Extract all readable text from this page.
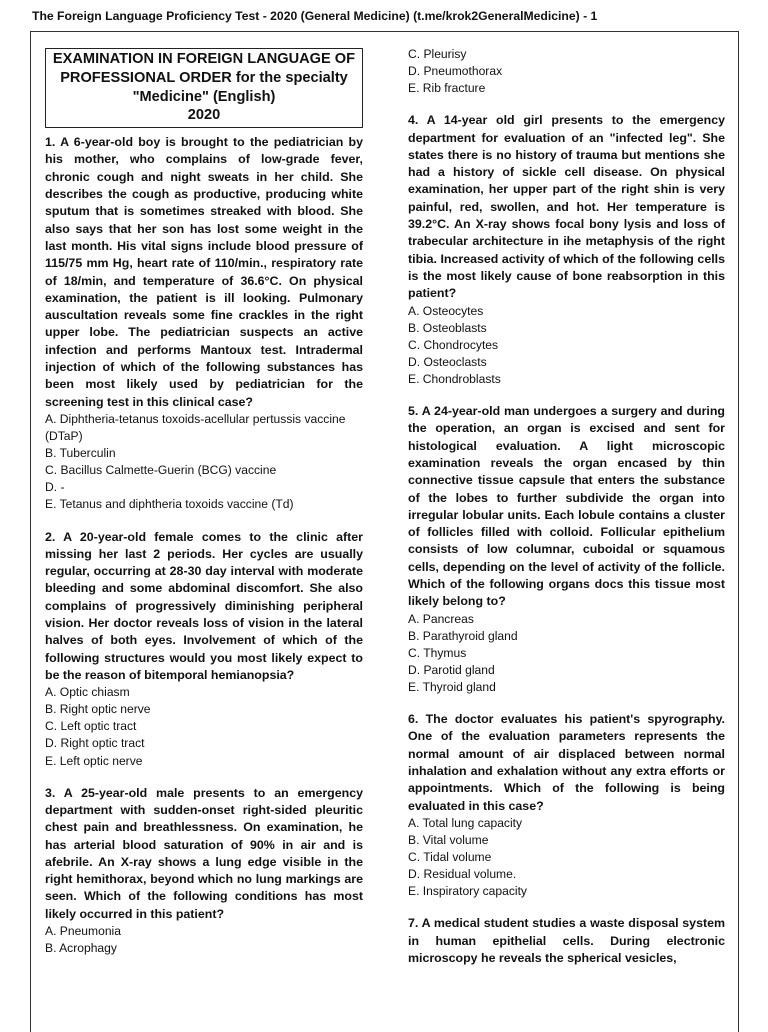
The Foreign Language Proficiency Test - 2020 (General Medicine) (t.me/krok2GeneralMedicine) - 1
EXAMINATION IN FOREIGN LANGUAGE OF
PROFESSIONAL ORDER for the specialty
"Medicine" (English)
2020

1. A 6-year-old boy is brought to the pediatrician by his mother, who complains of low-grade fever, chronic cough and night sweats in her child. She describes the cough as productive, producing white sputum that is sometimes streaked with blood. She also says that her son has lost some weight in the last month. His vital signs include blood pressure of 115/75 mm Hg, heart rate of 110/min., respiratory rate of 18/min, and temperature of 36.6°C. On physical examination, the patient is ill looking. Pulmonary auscultation reveals some fine crackles in the right upper lobe. The pediatrician suspects an active infection and performs Mantoux test. Intradermal injection of which of the following substances has been most likely used by pediatrician for the screening test in this clinical case?

A. Diphtheria-tetanus toxoids-acellular pertussis vaccine (DTaP)

B. Tuberculin

C. Bacillus Calmette-Guerin (BCG) vaccine

D. -

E. Tetanus and diphtheria toxoids vaccine (Td)

2. A 20-year-old female comes to the clinic after missing her last 2 periods. Her cycles are usually regular, occurring at 28-30 day interval with moderate bleeding and some abdominal discomfort. She also complains of progressively diminishing peripheral vision. Her doctor reveals loss of vision in the lateral halves of both eyes. Involvement of which of the following structures would you most likely expect to be the reason of bitemporal hemianopsia?

A. Optic chiasm

B. Right optic nerve

C. Left optic tract

D. Right optic tract

E. Left optic nerve

3. A 25-year-old male presents to an emergency department with sudden-onset right-sided pleuritic chest pain and breathlessness. On examination, he has arterial blood saturation of 90% in air and is afebrile. An X-ray shows a lung edge visible in the right hemithorax, beyond which no lung markings are seen. Which of the following conditions has most likely occurred in this patient?

A. Pneumonia

B. Acrophagy

C. Pleurisy

D. Pneumothorax

E. Rib fracture

4. A 14-year old girl presents to the emergency department for evaluation of an "infected leg". She states there is no history of trauma but mentions she had a history of sickle cell disease. On physical examination, her upper part of the right shin is very painful, red, swollen, and hot. Her temperature is 39.2°C. An X-ray shows focal bony lysis and loss of trabecular architecture in ihe metaphysis of the right tibia. Increased activity of which of the following cells is the most likely cause of bone reabsorption in this patient?

A. Osteocytes

B. Osteoblasts

C. Chondrocytes

D. Osteoclasts

E. Chondroblasts

5. A 24-year-old man undergoes a surgery and during the operation, an organ is excised and sent for histological evaluation. A light microscopic examination reveals the organ encased by thin connective tissue capsule that enters the substance of the lobes to further subdivide the organ into irregular lobular units. Each lobule contains a cluster of follicles filled with colloid. Follicular epithelium consists of low columnar, cuboidal or squamous cells, depending on the level of activity of the follicle. Which of the following organs docs this tissue most likely belong to?

A. Pancreas

B. Parathyroid gland

C. Thymus

D. Parotid gland

E. Thyroid gland

6. The doctor evaluates his patient's spyrography. One of the evaluation parameters represents the normal amount of air displaced between normal inhalation and exhalation without any extra efforts or appointments. Which of the following is being evaluated in this case?

A. Total lung capacity

B. Vital volume

C. Tidal volume

D. Residual volume.

E. Inspiratory capacity

7. A medical student studies a waste disposal system in human epithelial cells. During electronic microscopy he reveals the spherical vesicles,
